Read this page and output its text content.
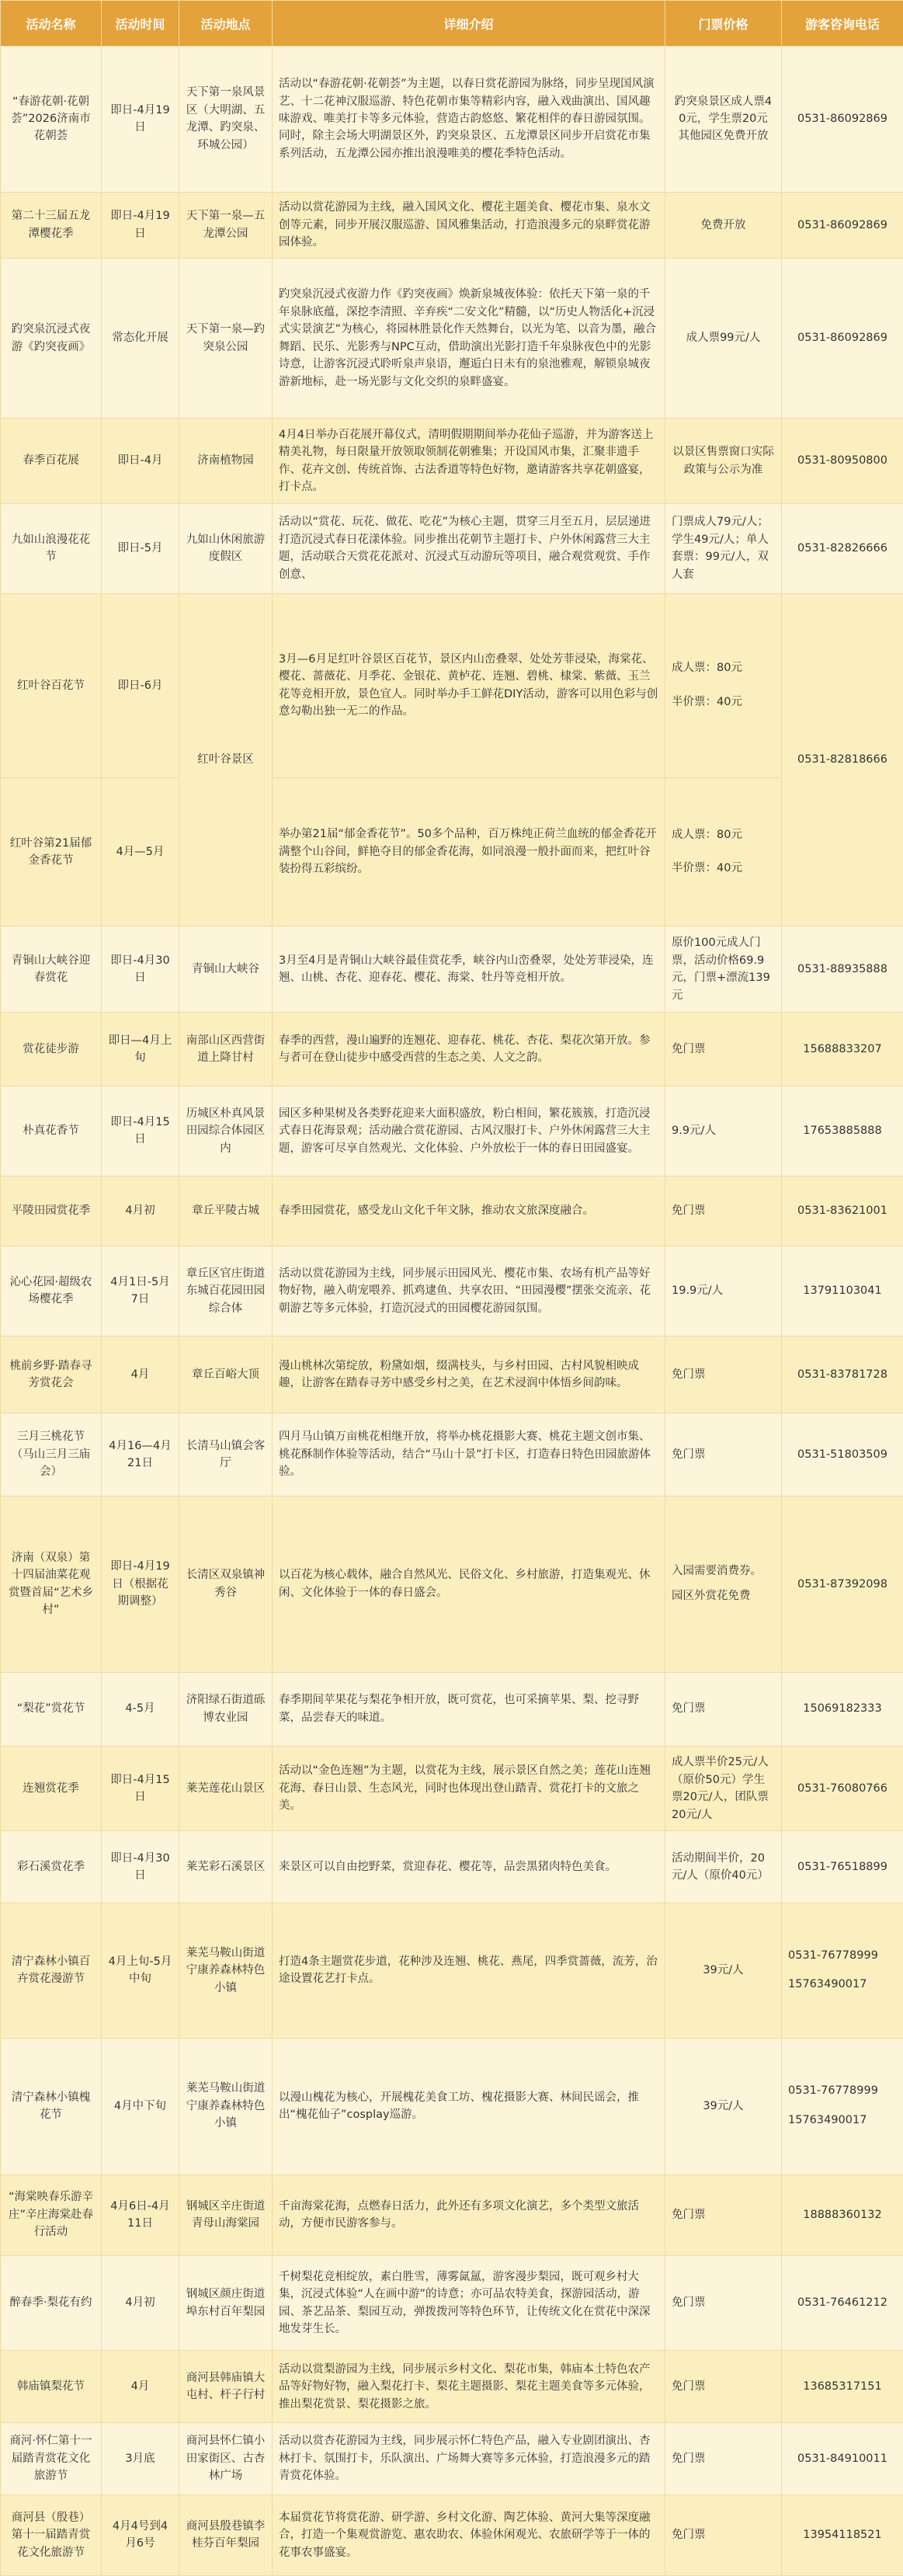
活动名称	活动时间	活动地点	详细介绍	门票价格	游客咨询电话
“春游花朝·花朝荟”2026济南市花朝荟	即日-4月19日	天下第一泉风景区（大明湖、五龙潭、趵突泉、环城公园）	活动以“春游花朝·花朝荟”为主题，以春日赏花游园为脉络，同步呈现国风演艺、十二花神汉服巡游、特色花朝市集等精彩内容，融入戏曲演出、国风趣味游戏、唯美打卡等多元体验，营造古韵悠悠、繁花相伴的春日游园氛围。同时，除主会场大明湖景区外，趵突泉景区、五龙潭景区同步开启赏花市集系列活动，五龙潭公园亦推出浪漫唯美的樱花季特色活动。	趵突泉景区成人票40元，学生票20元
其他园区免费开放	0531-86092869
第二十三届五龙潭樱花季	即日-4月19日	天下第一泉—五龙潭公园	活动以赏花游园为主线，融入国风文化、樱花主题美食、樱花市集、泉水文创等元素，同步开展汉服巡游、国风雅集活动，打造浪漫多元的泉畔赏花游园体验。	免费开放	0531-86092869
趵突泉沉浸式夜游《趵突夜画》	常态化开展	天下第一泉—趵突泉公园	趵突泉沉浸式夜游力作《趵突夜画》焕新泉城夜体验：依托天下第一泉的千年泉脉底蕴，深挖李清照、辛弃疾“二安文化”精髓，以“历史人物活化+沉浸式实景演艺”为核心，将园林胜景化作天然舞台，以光为笔、以音为墨，融合舞蹈、民乐、光影秀与NPC互动，借助演出光影打造千年泉脉夜色中的光影诗意，让游客沉浸式聆听泉声泉语，邂逅白日未有的泉池雅观，解锁泉城夜游新地标，赴一场光影与文化交织的泉畔盛宴。	成人票99元/人	0531-86092869
春季百花展	即日-4月	济南植物园	4月4日举办百花展开幕仪式，清明假期期间举办花仙子巡游，并为游客送上精美礼物，每日限量开放领取领制花朝雅集；开设国风市集，汇聚非遗手作、花卉文创、传统首饰、古法香道等特色好物，邀请游客共享花朝盛宴，打卡点。	以景区售票窗口实际政策与公示为准	0531-80950800
九如山浪漫花花节	即日-5月	九如山休闲旅游度假区	活动以“赏花、玩花、做花、吃花”为核心主题，贯穿三月至五月，层层递进打造沉浸式春日花漾体验。同步推出花朝节主题打卡、户外休闲露营三大主题，活动联合天赏花花派对、沉浸式互动游玩等项目，融合观赏观赏、手作创意、	门票成人79元/人；学生49元/人；单人套票：99元/人，双人套	0531-82826666
红叶谷百花节	即日-6月	红叶谷景区	3月—6月足红叶谷景区百花节，景区内山峦叠翠、处处芳菲浸染，海棠花、樱花、蔷薇花、月季花、金银花、黄栌花、连翘、碧桃、棣棠、紫薇、玉兰花等竞相开放，景色宜人。同时举办手工鲜花DIY活动，游客可以用色彩与创意勾勒出独一无二的作品。	成人票：80元
半价票：40元	0531-82818666
红叶谷第21届郁金香花节	4月—5月		举办第21届“郁金香花节”。50多个品种，百万株纯正荷兰血统的郁金香花开满整个山谷间，鲜艳夺目的郁金香花海，如同浪漫一般扑面而来，把红叶谷装扮得五彩缤纷。	成人票：80元
半价票：40元	
青铜山大峡谷迎春赏花	即日-4月30日	青铜山大峡谷	3月至4月是青铜山大峡谷最佳赏花季，峡谷内山峦叠翠，处处芳菲浸染，连翘、山桃、杏花、迎春花、樱花、海棠、牡丹等竞相开放。	原价100元成人门票，活动价格69.9元，门票+漂流139元	0531-88935888
赏花徒步游	即日—4月上旬	南部山区西营街道上降甘村	春季的西营，漫山遍野的连翘花、迎春花、桃花、杏花、梨花次第开放。参与者可在登山徒步中感受西营的生态之美、人文之韵。	免门票	15688833207
朴真花香节	即日-4月15日	历城区朴真风景田园综合体园区内	园区多种果树及各类野花迎来大面积盛放，粉白相间，繁花簇簇，打造沉浸式春日花海景观；活动融合赏花游园、古风汉服打卡、户外休闲露营三大主题，游客可尽享自然观光、文化体验、户外放松于一体的春日田园盛宴。	9.9元/人	17653885888
平陵田园赏花季	4月初	章丘平陵古城	春季田园赏花，感受龙山文化千年文脉，推动农文旅深度融合。	免门票	0531-83621001
沁心花园·超级农场樱花季	4月1日-5月7日	章丘区官庄街道东城百花园田园综合体	活动以赏花游园为主线，同步展示田园风光、樱花市集、农场有机产品等好物好物，融入萌宠喂养、抓鸡逮鱼、共享农田、“田园漫樱”摆张交流亲、花朝游艺等多元体验，打造沉浸式的田园樱花游园氛围。	19.9元/人	13791103041
桃前乡野·踏春寻芳赏花会	4月	章丘百峪大顶	漫山桃林次第绽放，粉黛如烟，缀满枝头，与乡村田园、古村风貌相映成趣，让游客在踏春寻芳中感受乡村之美，在艺术浸润中体悟乡间韵味。	免门票	0531-83781728
三月三桃花节（马山三月三庙会）	4月16—4月21日	长清马山镇会客厅	四月马山镇万亩桃花相继开放，将举办桃花摄影大赛、桃花主题文创市集、桃花酥制作体验等活动，结合“马山十景”打卡区，打造春日特色田园旅游体验。	免门票	0531-51803509
济南（双泉）第十四届油菜花观赏暨首届“艺术乡村”	即日-4月19日（根据花期调整）	长清区双泉镇神秀谷	以百花为核心载体，融合自然风光、民俗文化、乡村旅游，打造集观光、休闲、文化体验于一体的春日盛会。	入园需要消费券。
园区外赏花免费	0531-87392098
“梨花”赏花节	4-5月	济阳绿石街道砾博农业园	春季期间苹果花与梨花争相开放，既可赏花，也可采摘苹果、梨、挖寻野菜，品尝春天的味道。	免门票	15069182333
连翘赏花季	即日-4月15日	莱芜莲花山景区	活动以“金色连翘”为主题，以赏花为主线，展示景区自然之美；莲花山连翘花海、春日山景、生态风光，同时也体现出登山踏青、赏花打卡的文旅之美。	成人票半价25元/人（原价50元）学生票20元/人，团队票20元/人	0531-76080766
彩石溪赏花季	即日-4月30日	莱芜彩石溪景区	来景区可以自由挖野菜，赏迎春花、樱花等，品尝黑猪肉特色美食。	活动期间半价，20元/人（原价40元）	0531-76518899
清宁森林小镇百卉赏花漫游节	4月上旬-5月中旬	莱芜马鞍山街道宁康养森林特色小镇	打造4条主题赏花步道，花种涉及连翘、桃花、燕尾，四季赏蔷薇，流芳，治途设置花艺打卡点。	39元/人	0531-76778999
15763490017
清宁森林小镇槐花节	4月中下旬	莱芜马鞍山街道宁康养森林特色小镇	以漫山槐花为核心，开展槐花美食工坊、槐花摄影大赛、林间民谣会，推出“槐花仙子”cosplay巡游。	39元/人	0531-76778999
15763490017
“海棠映春乐游辛庄”辛庄海棠赴春行活动	4月6日-4月11日	钢城区辛庄街道青母山海棠园	千亩海棠花海，点燃春日活力，此外还有多项文化演艺，多个类型文旅活动，方便市民游客参与。	免门票	18888360132
醉春季·梨花有约	4月初	钢城区颜庄街道埠东村百年梨园	千树梨花竞相绽放，素白胜雪，薄雾氤氲，游客漫步梨园，既可观乡村大集，沉浸式体验“人在画中游”的诗意；亦可品农特美食，探游园活动，游园、茶艺品茶、梨园互动，弹拨拨河等特色环节，让传统文化在赏花中深深地发芽生长。	免门票	0531-76461212
韩庙镇梨花节	4月	商河县韩庙镇大屯村、杆子行村	活动以赏梨游园为主线，同步展示乡村文化、梨花市集，韩庙本土特色农产品等好物好物，融入梨花打卡、梨花主题摄影、梨花主题美食等多元体验，推出梨花赏景、梨花摄影之旅。	免门票	13685317151
商河·怀仁第十一届踏青赏花文化旅游节	3月底	商河县怀仁镇小田家街区、古杏林广场	活动以赏杏花游园为主线，同步展示怀仁特色产品，融入专业剧团演出、杏林打卡、氛围打卡，乐队演出、广场舞大赛等多元体验，打造浪漫多元的踏青赏花体验。	免门票	0531-84910011
商河县（殷巷）第十一届踏青赏花文化旅游节	4月4号到4月6号	商河县殷巷镇李桂芬百年梨园	本届赏花节将赏花游、研学游、乡村文化游、陶艺体验、黄河大集等深度融合，打造一个集观赏游览、惠农助农、体验休闲观光、农旅研学等于一体的花事农事盛宴。	免门票	13954118521
